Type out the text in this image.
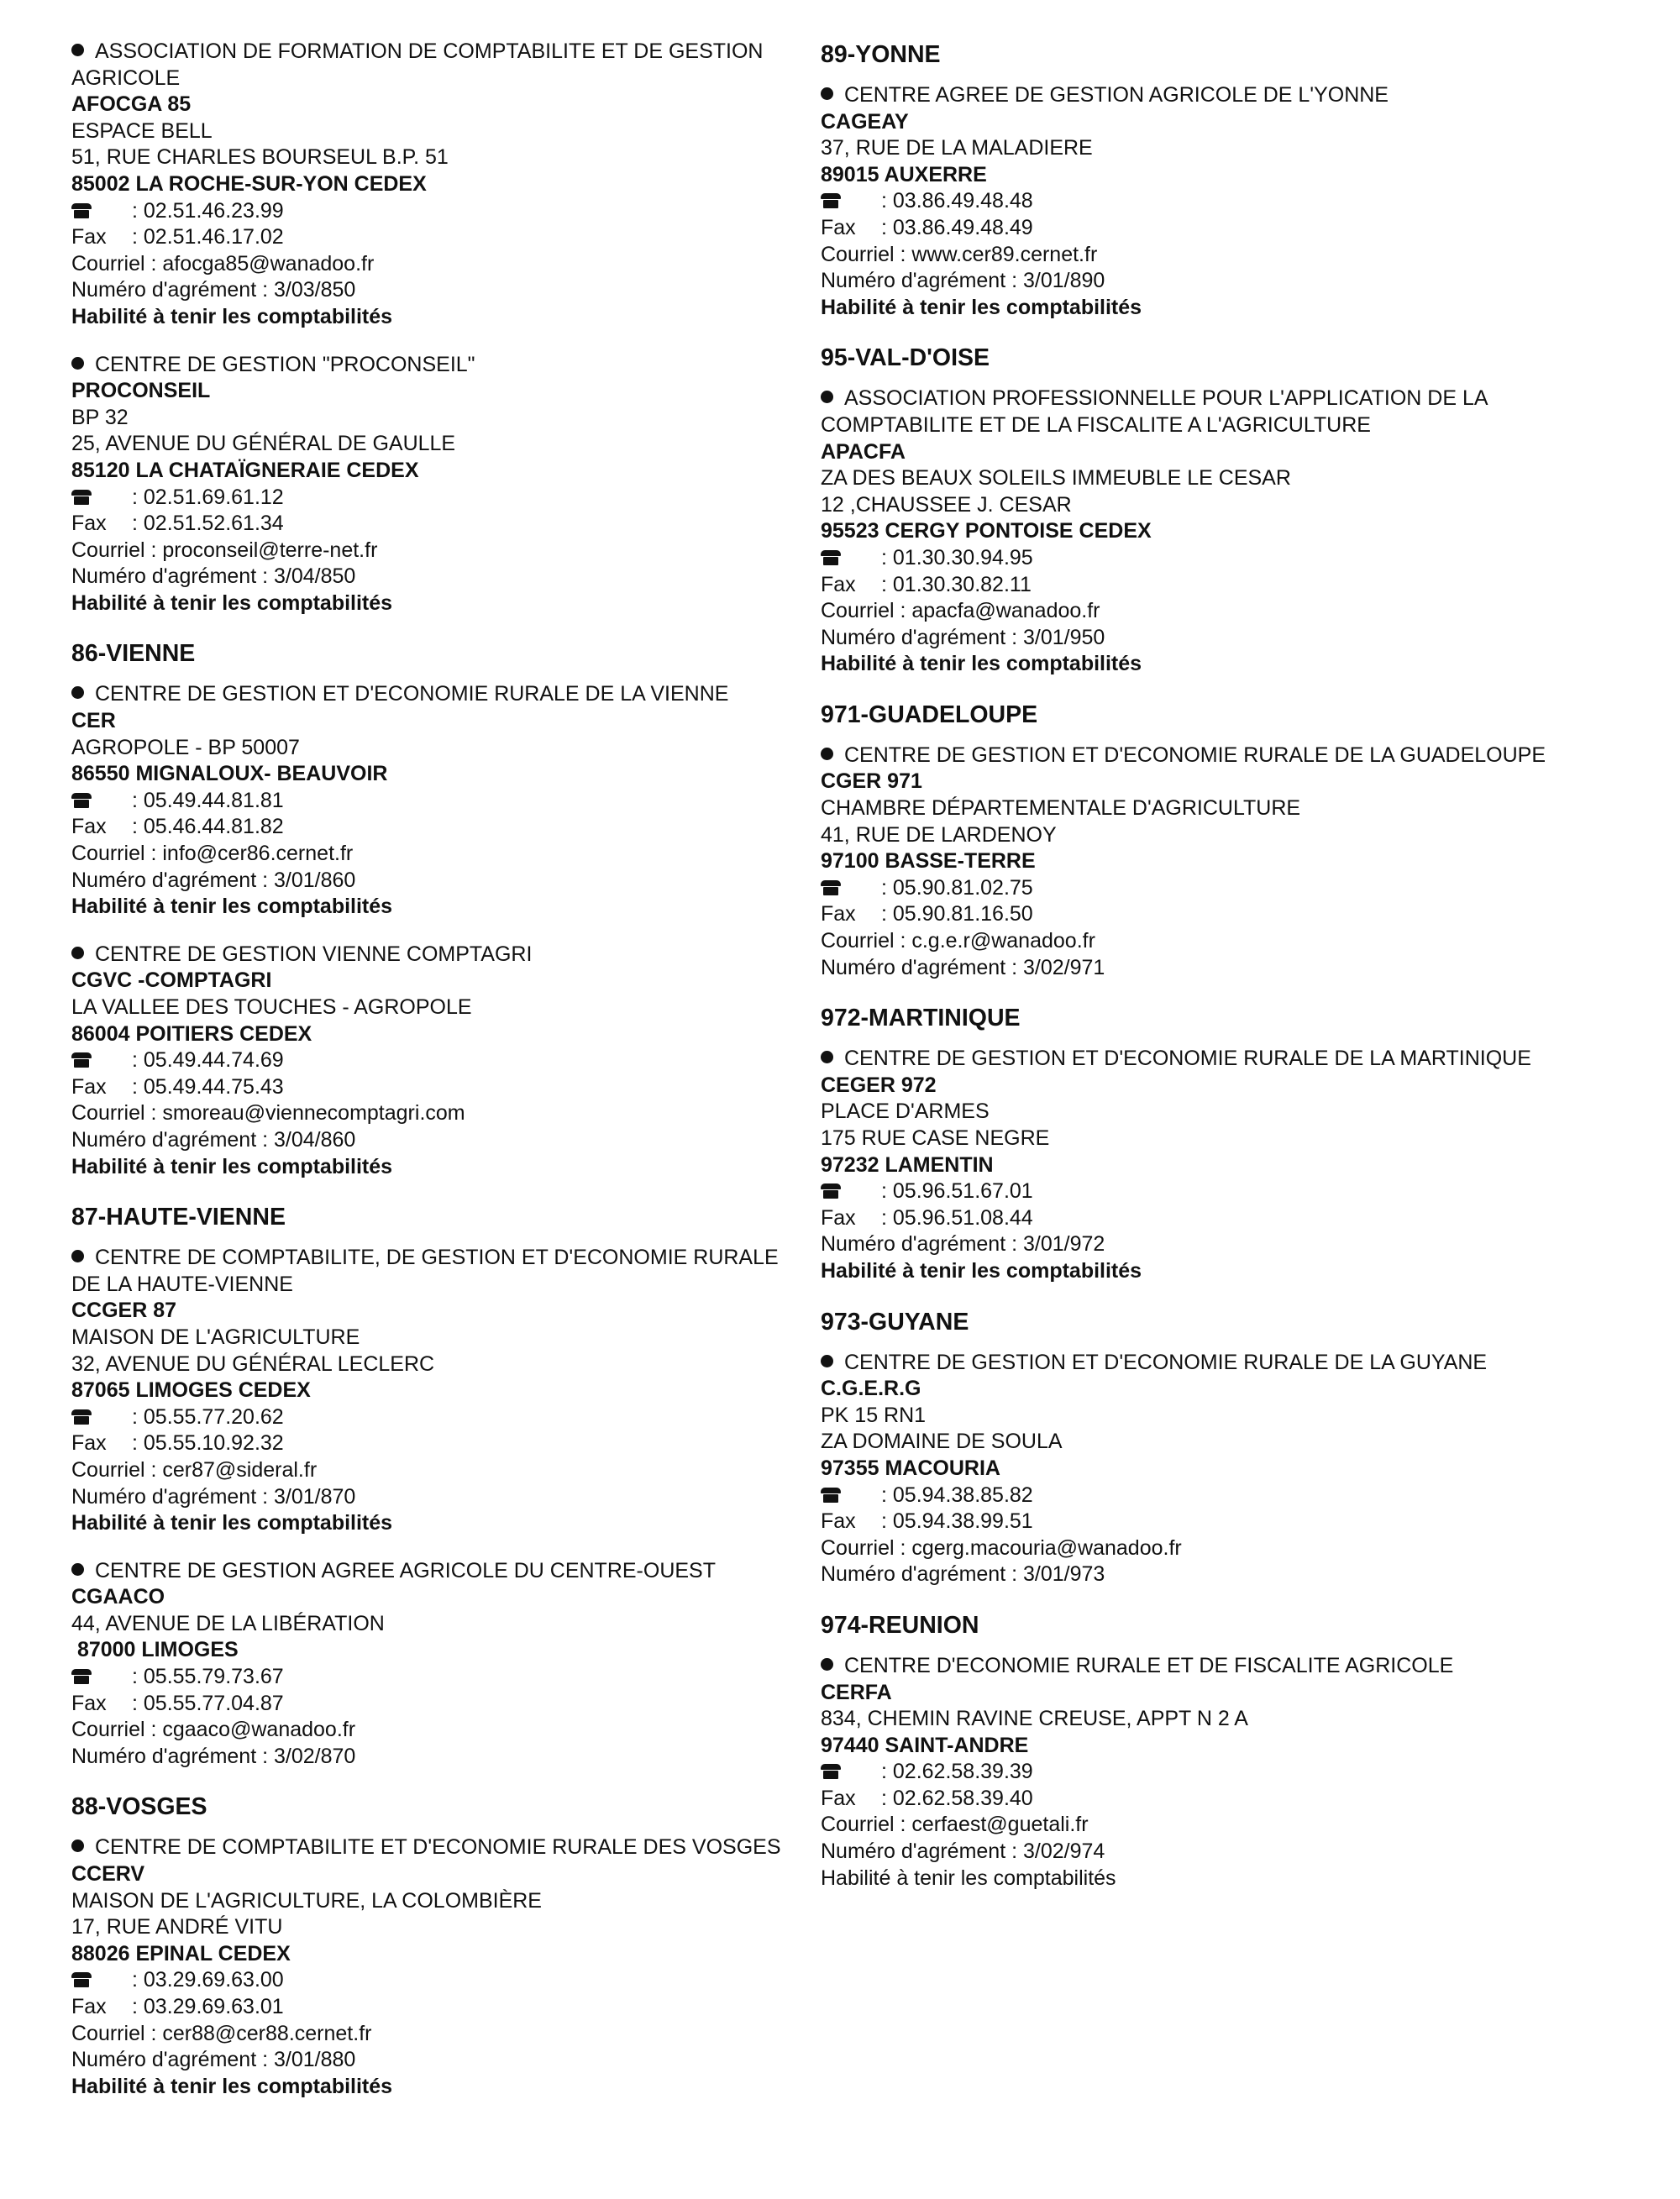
ASSOCIATION DE FORMATION DE COMPTABILITE ET DE GESTION AGRICOLE
AFOCGA 85
ESPACE BELL
51, RUE CHARLES BOURSEUL B.P. 51
85002 LA ROCHE-SUR-YON CEDEX
: 02.51.46.23.99
Fax : 02.51.46.17.02
Courriel : afocga85@wanadoo.fr
Numéro d'agrément : 3/03/850
Habilité à tenir les comptabilités
CENTRE DE GESTION "PROCONSEIL"
PROCONSEIL
BP 32
25, AVENUE DU GÉNÉRAL DE GAULLE
85120 LA CHATAÏGNERAIE CEDEX
: 02.51.69.61.12
Fax : 02.51.52.61.34
Courriel : proconseil@terre-net.fr
Numéro d'agrément : 3/04/850
Habilité à tenir les comptabilités
86-VIENNE
CENTRE DE GESTION ET D'ECONOMIE RURALE DE LA VIENNE
CER
AGROPOLE - BP 50007
86550 MIGNALOUX- BEAUVOIR
: 05.49.44.81.81
Fax : 05.46.44.81.82
Courriel : info@cer86.cernet.fr
Numéro d'agrément : 3/01/860
Habilité à tenir les comptabilités
CENTRE DE GESTION VIENNE COMPTAGRI
CGVC -COMPTAGRI
LA VALLEE DES TOUCHES - AGROPOLE
86004 POITIERS CEDEX
: 05.49.44.74.69
Fax : 05.49.44.75.43
Courriel : smoreau@viennecomptagri.com
Numéro d'agrément : 3/04/860
Habilité à tenir les comptabilités
87-HAUTE-VIENNE
CENTRE DE COMPTABILITE, DE GESTION ET D'ECONOMIE RURALE DE LA HAUTE-VIENNE
CCGER 87
MAISON DE L'AGRICULTURE
32, AVENUE DU GÉNÉRAL LECLERC
87065 LIMOGES CEDEX
: 05.55.77.20.62
Fax : 05.55.10.92.32
Courriel : cer87@sideral.fr
Numéro d'agrément : 3/01/870
Habilité à tenir les comptabilités
CENTRE DE GESTION AGREE AGRICOLE DU CENTRE-OUEST
CGAACO
44, AVENUE DE LA LIBÉRATION
87000 LIMOGES
: 05.55.79.73.67
Fax : 05.55.77.04.87
Courriel : cgaaco@wanadoo.fr
Numéro d'agrément : 3/02/870
88-VOSGES
CENTRE DE COMPTABILITE ET D'ECONOMIE RURALE DES VOSGES
CCERV
MAISON DE L'AGRICULTURE, LA COLOMBIÈRE
17, RUE ANDRÉ VITU
88026 EPINAL CEDEX
: 03.29.69.63.00
Fax : 03.29.69.63.01
Courriel : cer88@cer88.cernet.fr
Numéro d'agrément : 3/01/880
Habilité à tenir les comptabilités
89-YONNE
CENTRE AGREE DE GESTION AGRICOLE DE L'YONNE
CAGEAY
37, RUE DE LA MALADIERE
89015 AUXERRE
: 03.86.49.48.48
Fax : 03.86.49.48.49
Courriel : www.cer89.cernet.fr
Numéro d'agrément : 3/01/890
Habilité à tenir les comptabilités
95-VAL-D'OISE
ASSOCIATION PROFESSIONNELLE POUR L'APPLICATION DE LA COMPTABILITE ET DE LA FISCALITE A L'AGRICULTURE
APACFA
ZA DES BEAUX SOLEILS IMMEUBLE LE CESAR
12 ,CHAUSSEE J. CESAR
95523 CERGY PONTOISE CEDEX
: 01.30.30.94.95
Fax : 01.30.30.82.11
Courriel : apacfa@wanadoo.fr
Numéro d'agrément : 3/01/950
Habilité à tenir les comptabilités
971-GUADELOUPE
CENTRE DE GESTION ET D'ECONOMIE RURALE DE LA GUADELOUPE
CGER 971
CHAMBRE DÉPARTEMENTALE D'AGRICULTURE
41, RUE DE LARDENOY
97100 BASSE-TERRE
: 05.90.81.02.75
Fax : 05.90.81.16.50
Courriel : c.g.e.r@wanadoo.fr
Numéro d'agrément : 3/02/971
972-MARTINIQUE
CENTRE DE GESTION ET D'ECONOMIE RURALE DE LA MARTINIQUE
CEGER 972
PLACE D'ARMES
175 RUE CASE NEGRE
97232 LAMENTIN
: 05.96.51.67.01
Fax : 05.96.51.08.44
Numéro d'agrément : 3/01/972
Habilité à tenir les comptabilités
973-GUYANE
CENTRE DE GESTION ET D'ECONOMIE RURALE DE LA GUYANE
C.G.E.R.G
PK 15 RN1
ZA DOMAINE DE SOULA
97355 MACOURIA
: 05.94.38.85.82
Fax : 05.94.38.99.51
Courriel : cgerg.macouria@wanadoo.fr
Numéro d'agrément : 3/01/973
974-REUNION
CENTRE D'ECONOMIE RURALE ET DE FISCALITE AGRICOLE
CERFA
834, CHEMIN RAVINE CREUSE, APPT N 2 A
97440 SAINT-ANDRE
: 02.62.58.39.39
Fax : 02.62.58.39.40
Courriel : cerfaest@guetali.fr
Numéro d'agrément : 3/02/974
Habilité à tenir les comptabilités
